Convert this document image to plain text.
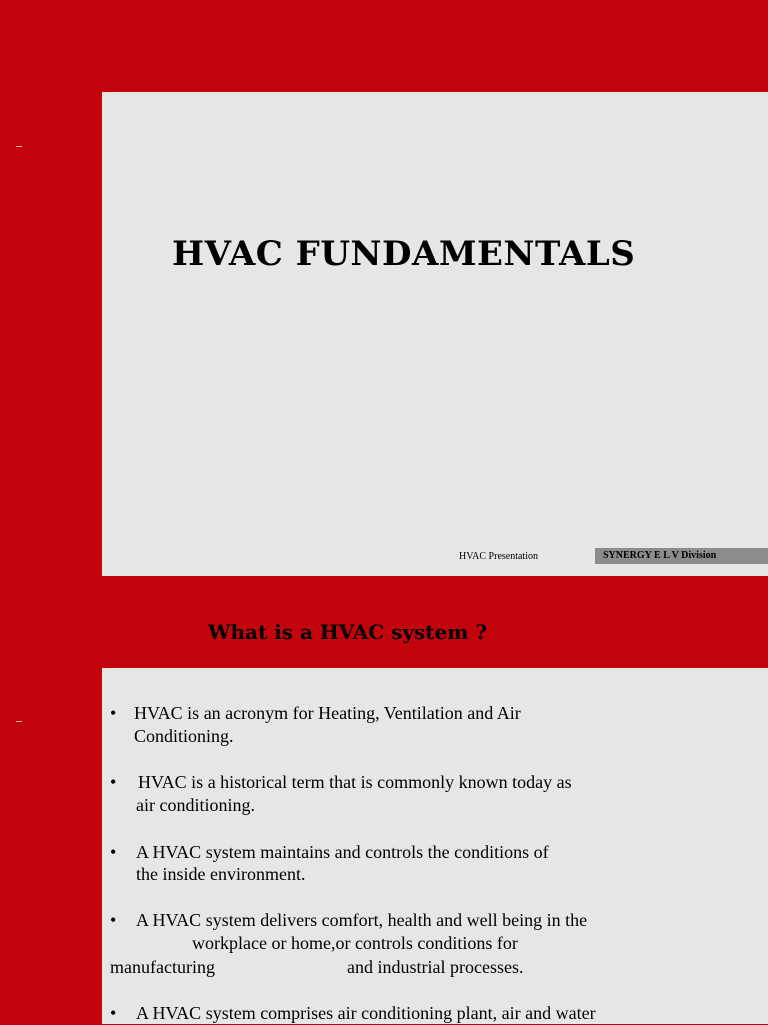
HVAC FUNDAMENTALS
HVAC Presentation	SYNERGY E L V Division
What is a HVAC system ?
• HVAC is an acronym for Heating, Ventilation and Air
Conditioning.
• HVAC is a historical term that is commonly known today as
air conditioning.
• A HVAC system maintains and controls the conditions of
the inside environment.
• A HVAC system delivers comfort, health and well being in the
workplace or home,or controls conditions for
manufacturing	and industrial processes.
• A HVAC system comprises air conditioning plant, air and water
